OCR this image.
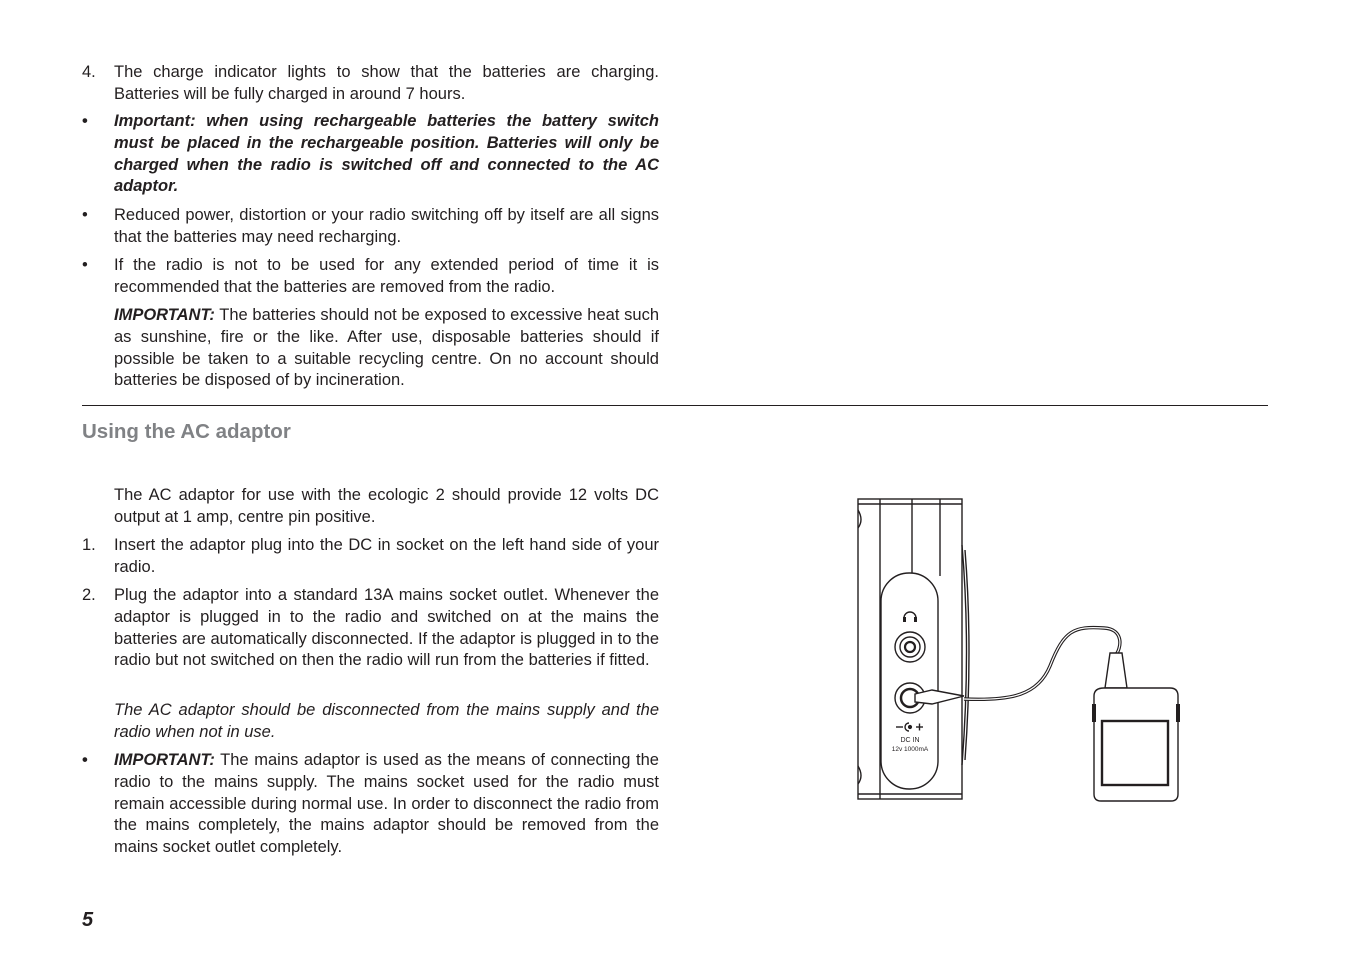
4. The charge indicator lights to show that the batteries are charging. Batteries will be fully charged in around 7 hours.
• Important: when using rechargeable batteries the battery switch must be placed in the rechargeable position. Batteries will only be charged when the radio is switched off and connected to the AC adaptor.
• Reduced power, distortion or your radio switching off by itself are all signs that the batteries may need recharging.
• If the radio is not to be used for any extended period of time it is recommended that the batteries are removed from the radio.
IMPORTANT: The batteries should not be exposed to excessive heat such as sunshine, fire or the like. After use, disposable batteries should if possible be taken to a suitable recycling centre. On no account should batteries be disposed of by incineration.
Using the AC adaptor
The AC adaptor for use with the ecologic 2 should provide 12 volts DC output at 1 amp, centre pin positive.
1. Insert the adaptor plug into the DC in socket on the left hand side of your radio.
2. Plug the adaptor into a standard 13A mains socket outlet. Whenever the adaptor is plugged in to the radio and switched on at the mains the batteries are automatically disconnected. If the adaptor is plugged in to the radio but not switched on then the radio will run from the batteries if fitted.
The AC adaptor should be disconnected from the mains supply and the radio when not in use.
• IMPORTANT: The mains adaptor is used as the means of connecting the radio to the mains supply. The mains socket used for the radio must remain accessible during normal use. In order to disconnect the radio from the mains completely, the mains adaptor should be removed from the mains socket outlet completely.
DC IN
12v 1000mA
5
